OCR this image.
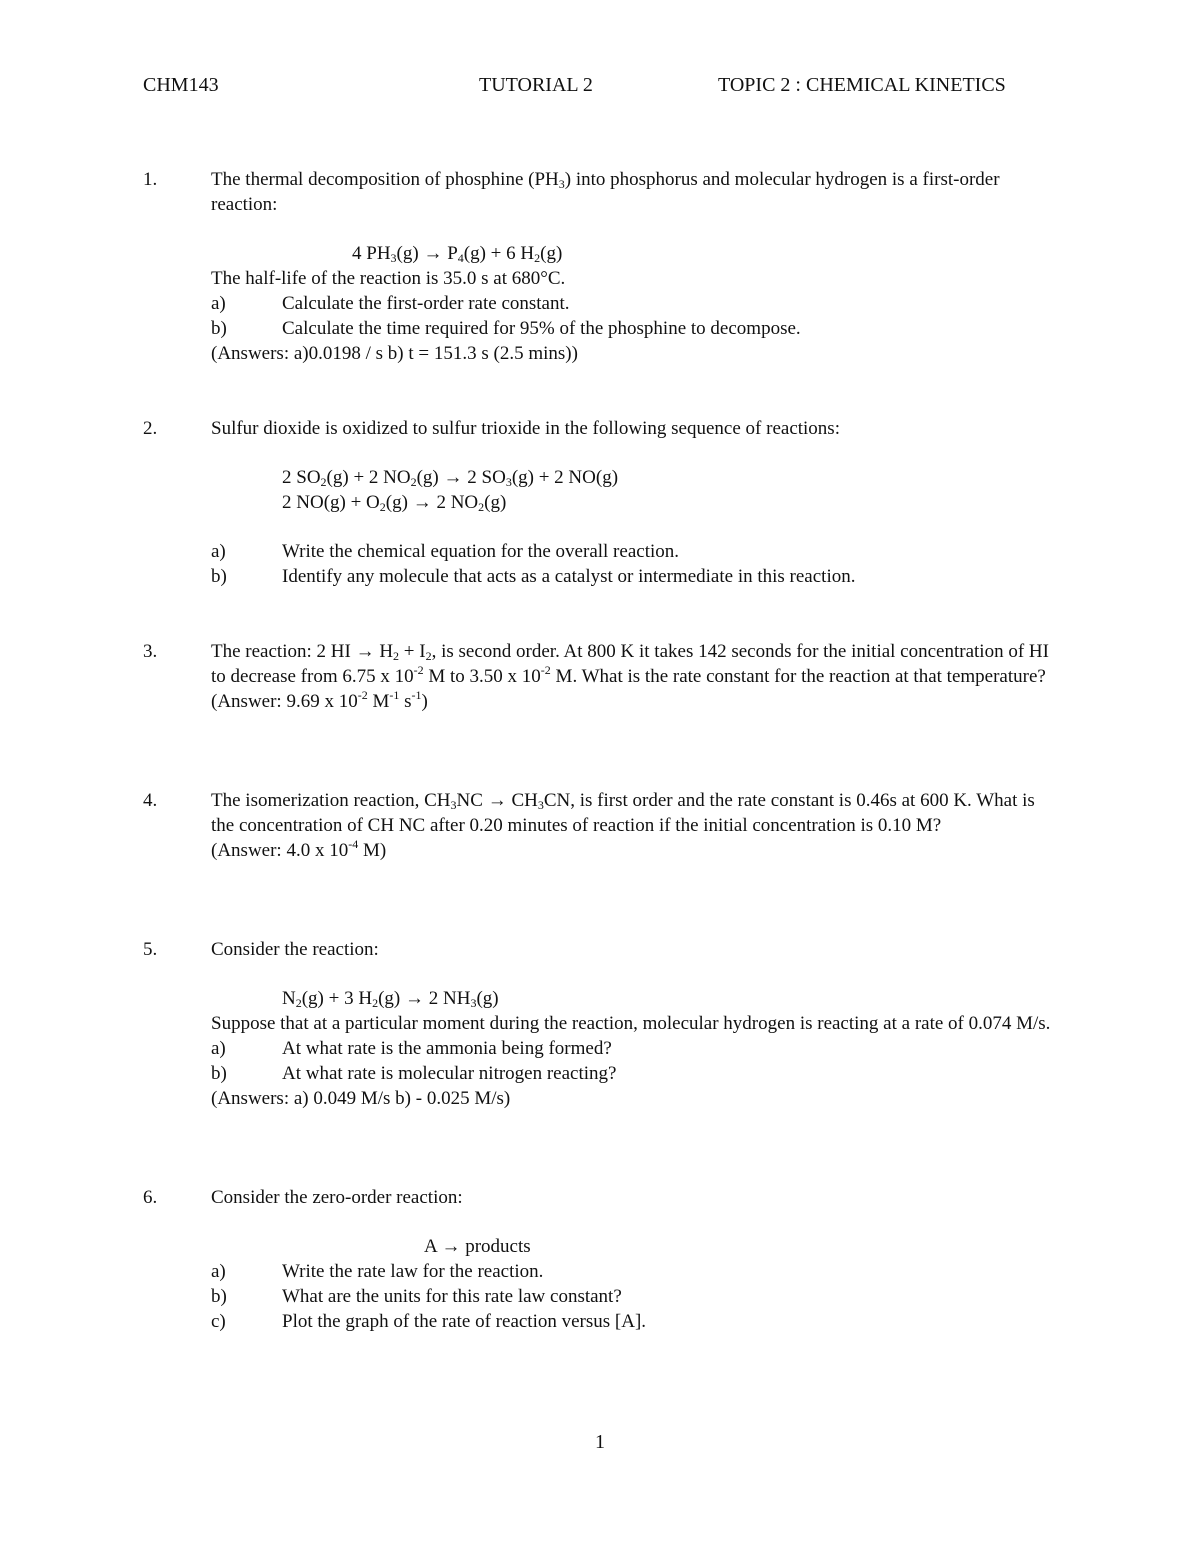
CHM143	TUTORIAL 2	TOPIC 2 : CHEMICAL KINETICS
1.	The thermal decomposition of phosphine $(PH_3)$ into phosphorus and molecular hydrogen is a first-order reaction:
4 $PH_3(g) \to P_4(g) + 6$ $H_2(g)$
The half-life of the reaction is 35.0 s at 680°C.
a)	Calculate the first-order rate constant.
b)	Calculate the time required for 95% of the phosphine to decompose.
(Answers: a)0.0198 / s b) t = 151.3 s (2.5 mins))
2.	Sulfur dioxide is oxidized to sulfur trioxide in the following sequence of reactions:
2 $SO_2(g) + 2$ $NO_2(g) \to 2$ $SO_3(g) + 2$ NO(g)
2 $NO(g) + O_2(g) \to 2$ $NO_2(g)$
a)	Write the chemical equation for the overall reaction.
b)	Identify any molecule that acts as a catalyst or intermediate in this reaction.
3.	The reaction: 2 HI → $H_2 + I_2$, is second order. At 800 K it takes 142 seconds for the initial concentration of HI to decrease from 6.75 x $10^{-2}$ M to 3.50 x $10^{-2}$ M. What is the rate constant for the reaction at that temperature?
(Answer: 9.69 x $10^{-2}$ $M^{-1}$ $s^{-1}$)
4.	The isomerization reaction, $CH_3NC \to CH_3CN$, is first order and the rate constant is 0.46s at 600 K. What is the concentration of CH NC after 0.20 minutes of reaction if the initial concentration is 0.10 M?
(Answer: 4.0 x $10^{-4}$ M)
5.	Consider the reaction:
$N_2(g) + 3$ $H_2(g) \to 2$ $NH_3(g)$
Suppose that at a particular moment during the reaction, molecular hydrogen is reacting at a rate of 0.074 M/s.
a)	At what rate is the ammonia being formed?
b)	At what rate is molecular nitrogen reacting?
(Answers: a) 0.049 M/s b) - 0.025 M/s)
6.	Consider the zero-order reaction:
A → products
a)	Write the rate law for the reaction.
b)	What are the units for this rate law constant?
c)	Plot the graph of the rate of reaction versus [A].
1
